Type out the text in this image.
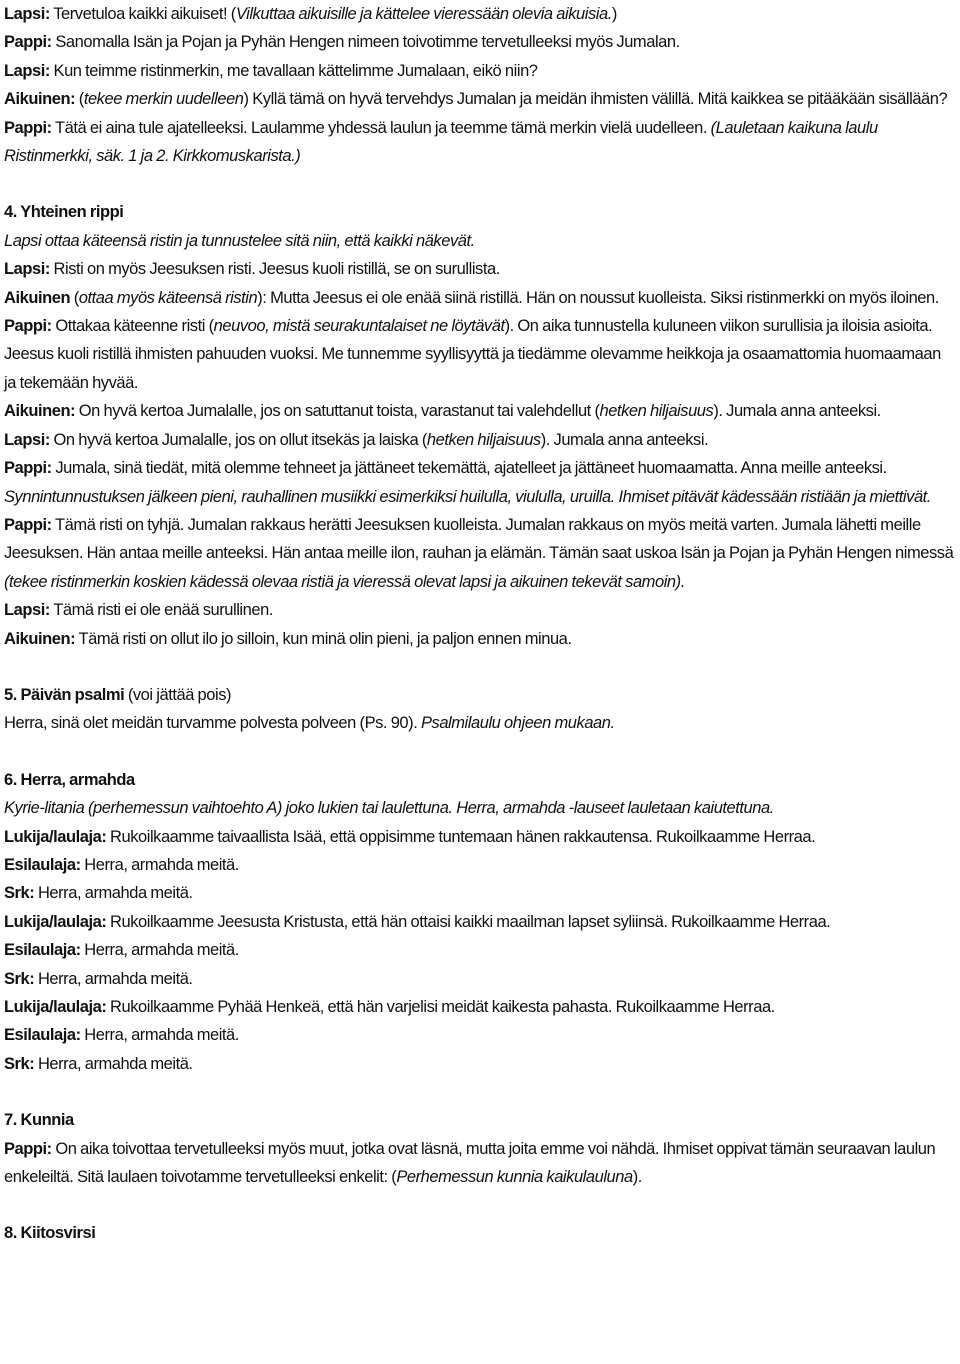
Lapsi: Tervetuloa kaikki aikuiset! (Vilkuttaa aikuisille ja kättelee vieressään olevia aikuisia.)

Pappi: Sanomalla Isän ja Pojan ja Pyhän Hengen nimeen toivotimme tervetulleeksi myös Jumalan.

Lapsi: Kun teimme ristinmerkin, me tavallaan kättelimme Jumalaan, eikö niin?

Aikuinen: (tekee merkin uudelleen) Kyllä tämä on hyvä tervehdys Jumalan ja meidän ihmisten välillä. Mitä kaikkea se pitääkään sisällään?

Pappi: Tätä ei aina tule ajatelleeksi. Laulamme yhdessä laulun ja teemme tämä merkin vielä uudelleen. (Lauletaan kaikuna laulu Ristinmerkki, säk. 1 ja 2. Kirkkomuskarista.)

4. Yhteinen rippi

Lapsi ottaa käteensä ristin ja tunnustelee sitä niin, että kaikki näkevät.

Lapsi: Risti on myös Jeesuksen risti. Jeesus kuoli ristillä, se on surullista.

Aikuinen (ottaa myös käteensä ristin): Mutta Jeesus ei ole enää siinä ristillä. Hän on noussut kuolleista. Siksi ristinmerkki on myös iloinen.

Pappi: Ottakaa käteenne risti (neuvoo, mistä seurakuntalaiset ne löytävät). On aika tunnustella kuluneen viikon surullisia ja iloisia asioita. Jeesus kuoli ristillä ihmisten pahuuden vuoksi. Me tunnemme syyllisyyttä ja tiedämme olevamme heikkoja ja osaamattomia huomaamaan ja tekemään hyvää.

Aikuinen: On hyvä kertoa Jumalalle, jos on satuttanut toista, varastanut tai valehdellut (hetken hiljaisuus). Jumala anna anteeksi.

Lapsi: On hyvä kertoa Jumalalle, jos on ollut itsekäs ja laiska (hetken hiljaisuus). Jumala anna anteeksi.

Pappi: Jumala, sinä tiedät, mitä olemme tehneet ja jättäneet tekemättä, ajatelleet ja jättäneet huomaamatta. Anna meille anteeksi.

Synnintunnustuksen jälkeen pieni, rauhallinen musiikki esimerkiksi huilulla, viululla, uruilla. Ihmiset pitävät kädessään ristiään ja miettivät.

Pappi: Tämä risti on tyhjä. Jumalan rakkaus herätti Jeesuksen kuolleista. Jumalan rakkaus on myös meitä varten. Jumala lähetti meille Jeesuksen. Hän antaa meille anteeksi. Hän antaa meille ilon, rauhan ja elämän. Tämän saat uskoa Isän ja Pojan ja Pyhän Hengen nimessä (tekee ristinmerkin koskien kädessä olevaa ristiä ja vieressä olevat lapsi ja aikuinen tekevät samoin).

Lapsi: Tämä risti ei ole enää surullinen.

Aikuinen: Tämä risti on ollut ilo jo silloin, kun minä olin pieni, ja paljon ennen minua.

5. Päivän psalmi (voi jättää pois)

Herra, sinä olet meidän turvamme polvesta polveen (Ps. 90). Psalmilaulu ohjeen mukaan.

6. Herra, armahda

Kyrie-litania (perhemessun vaihtoehto A) joko lukien tai laulettuna. Herra, armahda -lauseet lauletaan kaiutettuna.

Lukija/laulaja: Rukoilkaamme taivaallista Isää, että oppisimme tuntemaan hänen rakkautensa. Rukoilkaamme Herraa.

Esilaulaja: Herra, armahda meitä.

Srk: Herra, armahda meitä.

Lukija/laulaja: Rukoilkaamme Jeesusta Kristusta, että hän ottaisi kaikki maailman lapset syliinsä. Rukoilkaamme Herraa.

Esilaulaja: Herra, armahda meitä.

Srk: Herra, armahda meitä.

Lukija/laulaja: Rukoilkaamme Pyhää Henkeä, että hän varjelisi meidät kaikesta pahasta. Rukoilkaamme Herraa.

Esilaulaja: Herra, armahda meitä.

Srk: Herra, armahda meitä.

7. Kunnia

Pappi: On aika toivottaa tervetulleeksi myös muut, jotka ovat läsnä, mutta joita emme voi nähdä. Ihmiset oppivat tämän seuraavan laulun enkeleiltä. Sitä laulaen toivotamme tervetulleeksi enkelit: (Perhemessun kunnia kaikulauluna).

8. Kiitosvirsi
